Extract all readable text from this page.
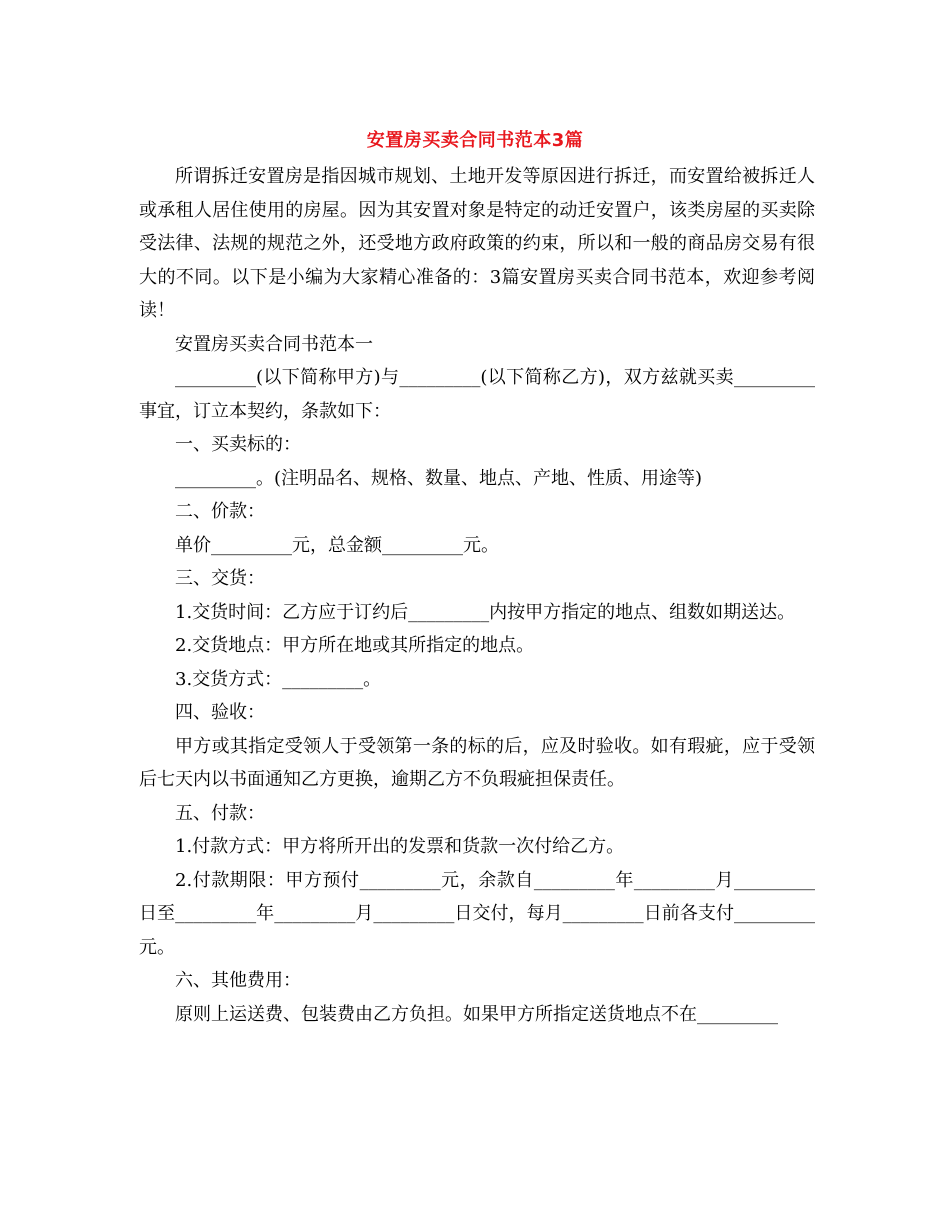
安置房买卖合同书范本3篇

所谓拆迁安置房是指因城市规划、土地开发等原因进行拆迁，而安置给被拆迁人或承租人居住使用的房屋。因为其安置对象是特定的动迁安置户，该类房屋的买卖除受法律、法规的规范之外，还受地方政府政策的约束，所以和一般的商品房交易有很大的不同。以下是小编为大家精心准备的：3篇安置房买卖合同书范本，欢迎参考阅读！

安置房买卖合同书范本一

_________(以下简称甲方)与_________(以下简称乙方)，双方兹就买卖_________事宜，订立本契约，条款如下：

一、买卖标的：

_________。(注明品名、规格、数量、地点、产地、性质、用途等)

二、价款：

单价_________元，总金额_________元。

三、交货：

1.交货时间：乙方应于订约后_________内按甲方指定的地点、组数如期送达。

2.交货地点：甲方所在地或其所指定的地点。

3.交货方式：_________。

四、验收：

甲方或其指定受领人于受领第一条的标的后，应及时验收。如有瑕疵，应于受领后七天内以书面通知乙方更换，逾期乙方不负瑕疵担保责任。

五、付款：

1.付款方式：甲方将所开出的发票和货款一次付给乙方。

2.付款期限：甲方预付_________元，余款自_________年_________月_________日至_________年_________月_________日交付，每月_________日前各支付_________元。

六、其他费用：

原则上运送费、包装费由乙方负担。如果甲方所指定送货地点不在_________
